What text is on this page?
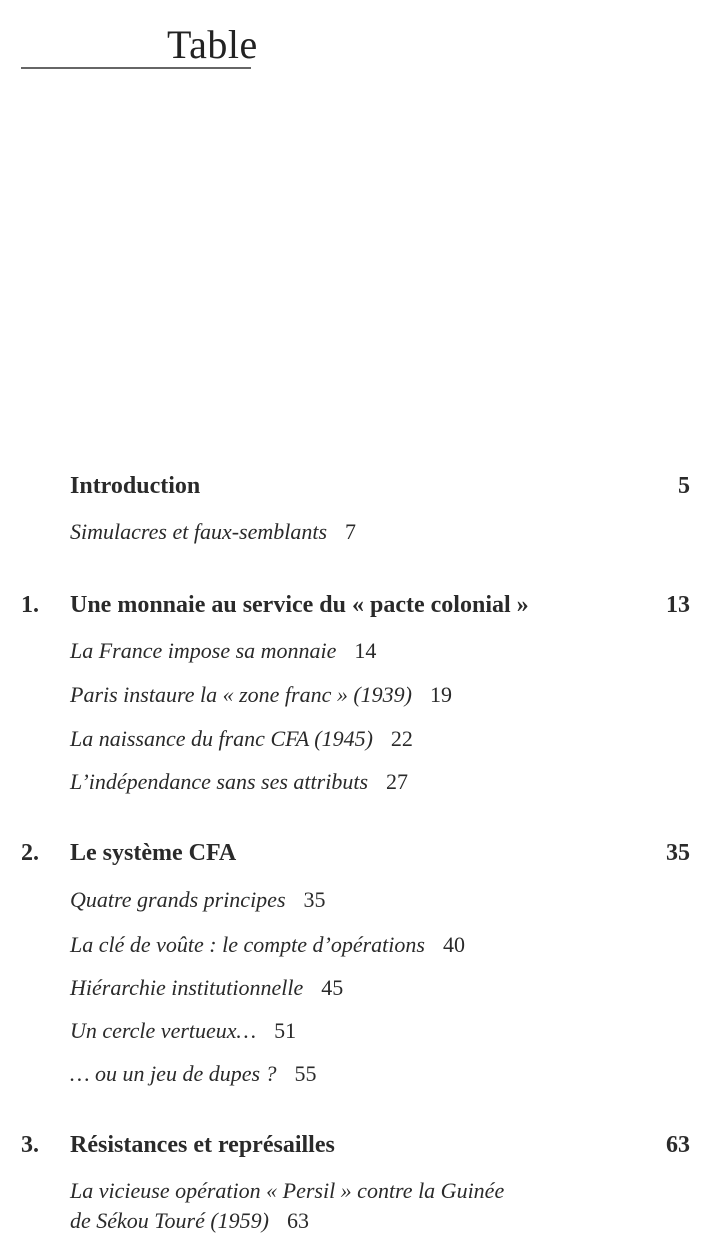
Table
Introduction	5
Simulacres et faux-semblants 7
1. Une monnaie au service du « pacte colonial »	13
La France impose sa monnaie 14
Paris instaure la « zone franc » (1939) 19
La naissance du franc CFA (1945) 22
L’indépendance sans ses attributs 27
2. Le système CFA	35
Quatre grands principes 35
La clé de voûte : le compte d’opérations 40
Hiérarchie institutionnelle 45
Un cercle vertueux… 51
… ou un jeu de dupes ? 55
3. Résistances et représailles	63
La vicieuse opération « Persil » contre la Guinée
de Sékou Touré (1959) 63
